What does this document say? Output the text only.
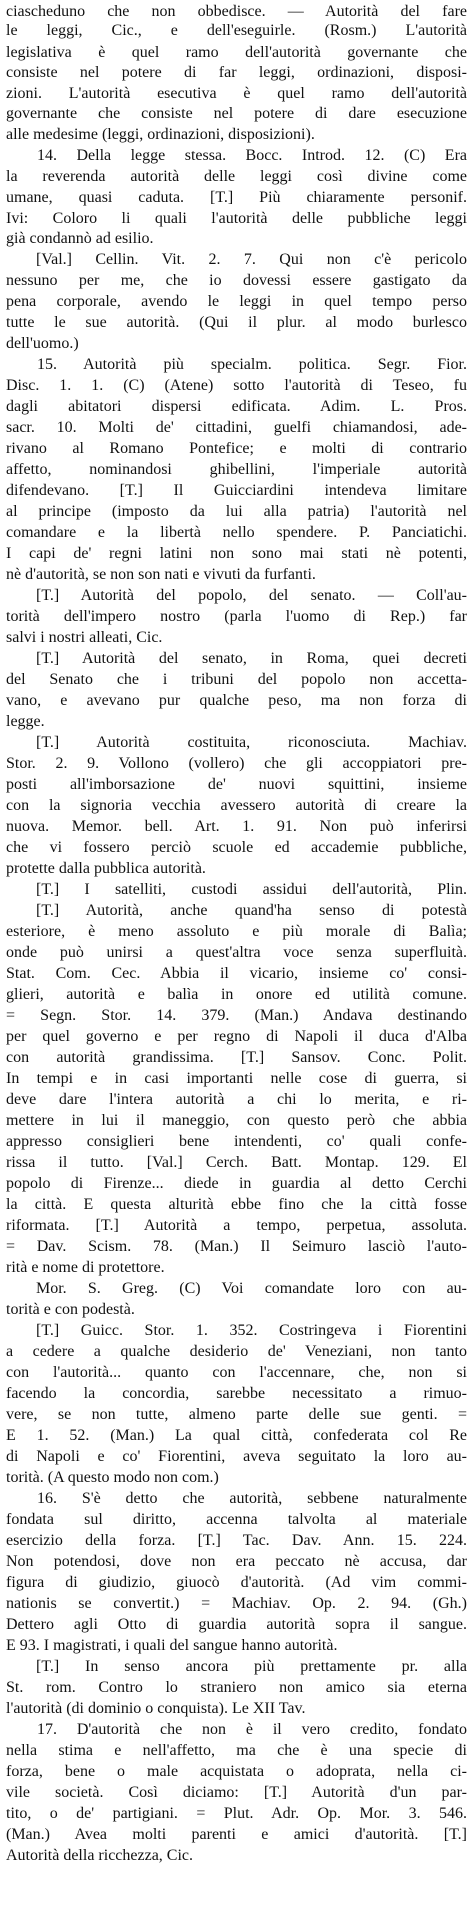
ciascheduno che non obbedisce. — Autorità del fare
le leggi, Cic., e dell'eseguirle. (Rosm.) L'autorità
legislativa è quel ramo dell'autorità governante che
consiste nel potere di far leggi, ordinazioni, disposi-
zioni. L'autorità esecutiva è quel ramo dell'autorità
governante che consiste nel potere di dare esecuzione
alle medesime (leggi, ordinazioni, disposizioni).
14. Della legge stessa. Bocc. Introd. 12. (C) Era
la reverenda autorità delle leggi così divine come
umane, quasi caduta. [T.] Più chiaramente personif.
Ivi: Coloro li quali l'autorità delle pubbliche leggi
già condannò ad esilio.
[Val.] Cellin. Vit. 2. 7. Qui non c'è pericolo
nessuno per me, che io dovessi essere gastigato da
pena corporale, avendo le leggi in quel tempo perso
tutte le sue autorità. (Qui il plur. al modo burlesco
dell'uomo.)
15. Autorità più specialm. politica. Segr. Fior.
Disc. 1. 1. (C) (Atene) sotto l'autorità di Teseo, fu
dagli abitatori dispersi edificata. Adim. L. Pros.
sacr. 10. Molti de' cittadini, guelfi chiamandosi, ade-
rivano al Romano Pontefice; e molti di contrario
affetto, nominandosi ghibellini, l'imperiale autorità
difendevano. [T.] Il Guicciardini intendeva limitare
al principe (imposto da lui alla patria) l'autorità nel
comandare e la libertà nello spendere. P. Panciatichi.
I capi de' regni latini non sono mai stati nè potenti,
nè d'autorità, se non son nati e vivuti da furfanti.
[T.] Autorità del popolo, del senato. — Coll'au-
torità dell'impero nostro (parla l'uomo di Rep.) far
salvi i nostri alleati, Cic.
[T.] Autorità del senato, in Roma, quei decreti
del Senato che i tribuni del popolo non accetta-
vano, e avevano pur qualche peso, ma non forza di
legge.
[T.] Autorità costituita, riconosciuta. Machiav.
Stor. 2. 9. Vollono (vollero) che gli accoppiatori pre-
posti all'imborsazione de' nuovi squittini, insieme
con la signoria vecchia avessero autorità di creare la
nuova. Memor. bell. Art. 1. 91. Non può inferirsi
che vi fossero perciò scuole ed accademie pubbliche,
protette dalla pubblica autorità.
[T.] I satelliti, custodi assidui dell'autorità, Plin.
[T.] Autorità, anche quand'ha senso di potestà
esteriore, è meno assoluto e più morale di Balìa;
onde può unirsi a quest'altra voce senza superfluità.
Stat. Com. Cec. Abbia il vicario, insieme co' consi-
glieri, autorità e balìa in onore ed utilità comune.
= Segn. Stor. 14. 379. (Man.) Andava destinando
per quel governo e per regno di Napoli il duca d'Alba
con autorità grandissima. [T.] Sansov. Conc. Polit.
In tempi e in casi importanti nelle cose di guerra, si
deve dare l'intera autorità a chi lo merita, e ri-
mettere in lui il maneggio, con questo però che abbia
appresso consiglieri bene intendenti, co' quali confe-
rissa il tutto. [Val.] Cerch. Batt. Montap. 129. El
popolo di Firenze... diede in guardia al detto Cerchi
la città. E questa alturità ebbe fino che la città fosse
riformata. [T.] Autorità a tempo, perpetua, assoluta.
= Dav. Scism. 78. (Man.) Il Seimuro lasciò l'auto-
rità e nome di protettore.
Mor. S. Greg. (C) Voi comandate loro con au-
torità e con podestà.
[T.] Guicc. Stor. 1. 352. Costringeva i Fiorentini
a cedere a qualche desiderio de' Veneziani, non tanto
con l'autorità... quanto con l'accennare, che, non si
facendo la concordia, sarebbe necessitato a rimuo-
vere, se non tutte, almeno parte delle sue genti. =
E 1. 52. (Man.) La qual città, confederata col Re
di Napoli e co' Fiorentini, aveva seguitato la loro au-
torità. (A questo modo non com.)
16. S'è detto che autorità, sebbene naturalmente
fondata sul diritto, accenna talvolta al materiale
esercizio della forza. [T.] Tac. Dav. Ann. 15. 224.
Non potendosi, dove non era peccato nè accusa, dar
figura di giudizio, giuocò d'autorità. (Ad vim commi-
nationis se convertit.) = Machiav. Op. 2. 94. (Gh.)
Dettero agli Otto di guardia autorità sopra il sangue.
E 93. I magistrati, i quali del sangue hanno autorità.
[T.] In senso ancora più prettamente pr. alla
St. rom. Contro lo straniero non amico sia eterna
l'autorità (di dominio o conquista). Le XII Tav.
17. D'autorità che non è il vero credito, fondato
nella stima e nell'affetto, ma che è una specie di
forza, bene o male acquistata o adoprata, nella ci-
vile società. Così diciamo: [T.] Autorità d'un par-
tito, o de' partigiani. = Plut. Adr. Op. Mor. 3. 546.
(Man.) Avea molti parenti e amici d'autorità. [T.]
Autorità della ricchezza, Cic.
